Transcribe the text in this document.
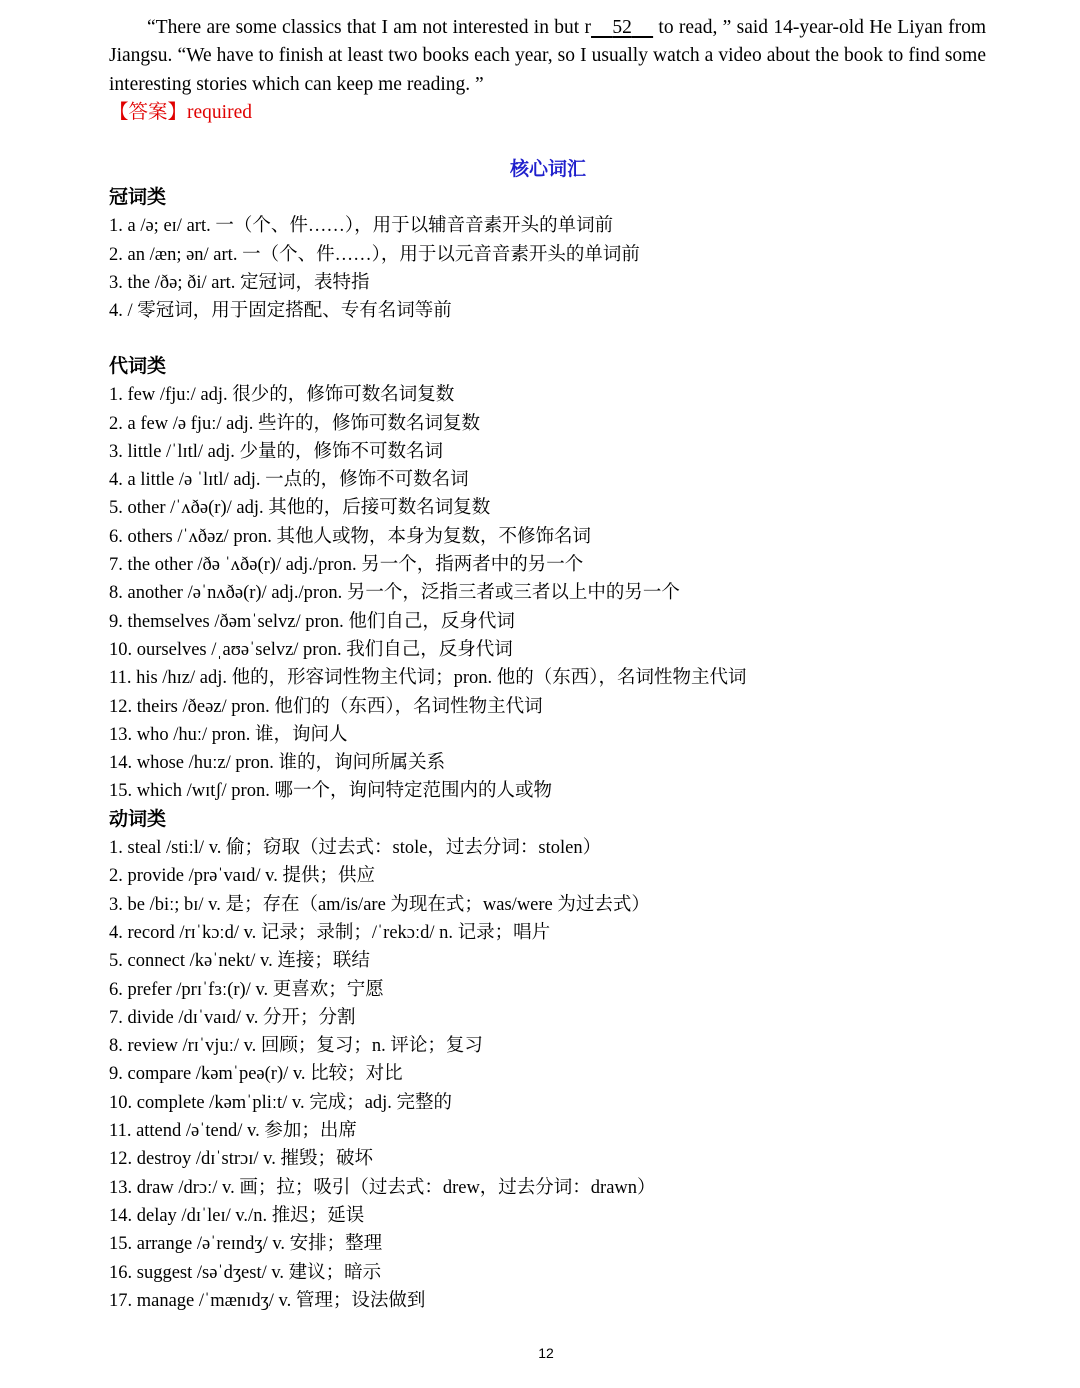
“There are some classics that I am not interested in but r​    52     to read, ” said 14-year-old He Liyan from Jiangsu. “We have to finish at least two books each year, so I usually watch a video about the book to find some interesting stories which can keep me reading. ”

【答案】required
核心词汇
冠词类
1. a /ə; eɪ/ art. 一（个、件……），用于以辅音音素开头的单词前
2. an /æn; ən/ art. 一（个、件……），用于以元音音素开头的单词前
3. the /ðə; ði/ art. 定冠词，表特指
4. / 零冠词，用于固定搭配、专有名词等前
代词类
1. few /fjuː/ adj. 很少的，修饰可数名词复数
2. a few /ə fjuː/ adj. 些许的，修饰可数名词复数
3. little /ˈlɪtl/ adj. 少量的，修饰不可数名词
4. a little /ə ˈlɪtl/ adj. 一点的，修饰不可数名词
5. other /ˈʌðə(r)/ adj. 其他的，后接可数名词复数
6. others /ˈʌðəz/ pron. 其他人或物，本身为复数，不修饰名词
7. the other /ðə ˈʌðə(r)/ adj./pron. 另一个，指两者中的另一个
8. another /əˈnʌðə(r)/ adj./pron. 另一个，泛指三者或三者以上中的另一个
9. themselves /ðəmˈselvz/ pron. 他们自己，反身代词
10. ourselves /ˌaʊəˈselvz/ pron. 我们自己，反身代词
11. his /hɪz/ adj. 他的，形容词性物主代词；pron. 他的（东西），名词性物主代词
12. theirs /ðeəz/ pron. 他们的（东西），名词性物主代词
13. who /huː/ pron. 谁，询问人
14. whose /huːz/ pron. 谁的，询问所属关系
15. which /wɪtʃ/ pron. 哪一个，询问特定范围内的人或物
动词类
1. steal /stiːl/ v. 偷；窃取（过去式：stole，过去分词：stolen）
2. provide /prəˈvaɪd/ v. 提供；供应
3. be /biː; bɪ/ v. 是；存在（am/is/are 为现在式；was/were 为过去式）
4. record /rɪˈkɔːd/ v. 记录；录制；/ˈrekɔːd/ n. 记录；唱片
5. connect /kəˈnekt/ v. 连接；联结
6. prefer /prɪˈfɜː(r)/ v. 更喜欢；宁愿
7. divide /dɪˈvaɪd/ v. 分开；分割
8. review /rɪˈvjuː/ v. 回顾；复习；n. 评论；复习
9. compare /kəmˈpeə(r)/ v. 比较；对比
10. complete /kəmˈpliːt/ v. 完成；adj. 完整的
11. attend /əˈtend/ v. 参加；出席
12. destroy /dɪˈstrɔɪ/ v. 摧毁；破坏
13. draw /drɔː/ v. 画；拉；吸引（过去式：drew，过去分词：drawn）
14. delay /dɪˈleɪ/ v./n. 推迟；延误
15. arrange /əˈreɪndʒ/ v. 安排；整理
16. suggest /səˈdʒest/ v. 建议；暗示
17. manage /ˈmænɪdʒ/ v. 管理；设法做到
12
